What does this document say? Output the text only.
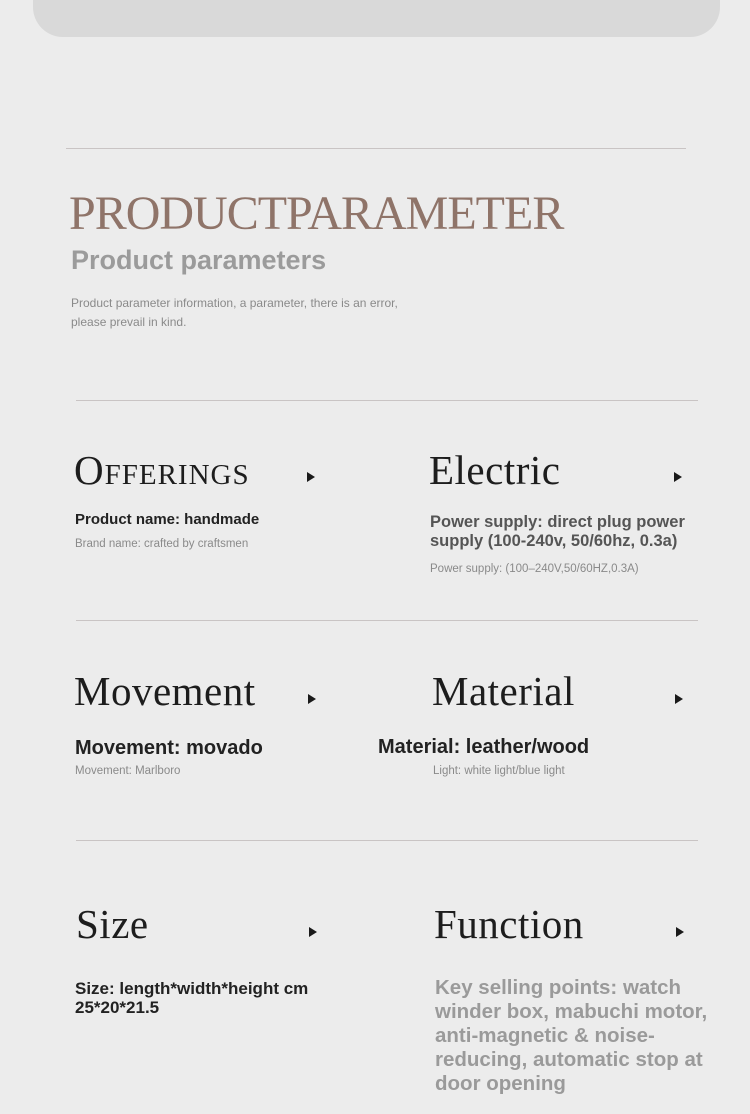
PRODUCTPARAMETER
Product parameters

Product parameter information, a parameter, there is an error, please prevail in kind.

Offerings

Product name: handmade

Brand name: crafted by craftsmen

Electric

Power supply: direct plug power supply (100-240v, 50/60hz, 0.3a)

Power supply: (100–240V,50/60HZ,0.3A)

Movement

Movement: movado

Movement: Marlboro

Material

Material: leather/wood

Light: white light/blue light

Size

Size: length*width*height cm 25*20*21.5

Function

Key selling points: watch winder box, mabuchi motor, anti-magnetic & noise-reducing, automatic stop at door opening
